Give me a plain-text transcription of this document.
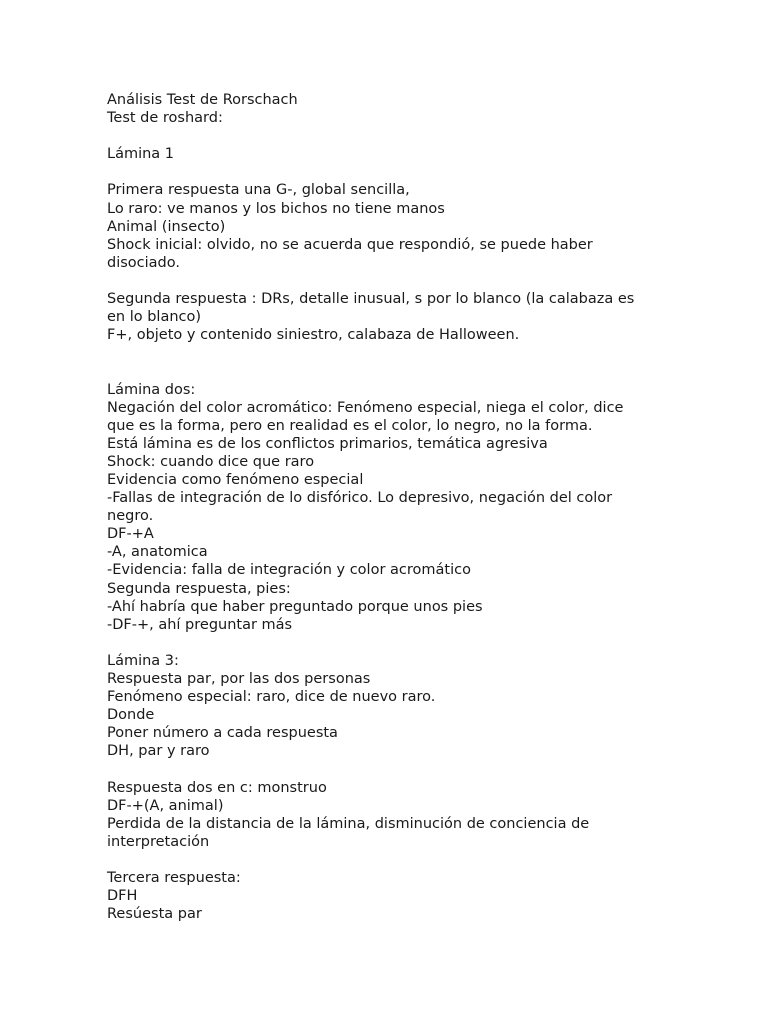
Análisis Test de Rorschach
Test de roshard:
Lámina 1
Primera respuesta una G-, global sencilla,
Lo raro: ve manos y los bichos no tiene manos
Animal (insecto)
Shock inicial: olvido, no se acuerda que respondió, se puede haber
disociado.
Segunda respuesta : DRs, detalle inusual, s por lo blanco (la calabaza es
en lo blanco)
F+, objeto y contenido siniestro, calabaza de Halloween.
Lámina dos:
Negación del color acromático: Fenómeno especial, niega el color, dice
que es la forma, pero en realidad es el color, lo negro, no la forma.
Está lámina es de los conflictos primarios, temática agresiva
Shock: cuando dice que raro
Evidencia como fenómeno especial
-Fallas de integración de lo disfórico. Lo depresivo, negación del color
negro.
DF-+A
-A, anatomica
-Evidencia: falla de integración y color acromático
Segunda respuesta, pies:
-Ahí habría que haber preguntado porque unos pies
-DF-+, ahí preguntar más
Lámina 3:
Respuesta par, por las dos personas
Fenómeno especial: raro, dice de nuevo raro.
Donde
Poner número a cada respuesta
DH, par y raro
Respuesta dos en c: monstruo
DF-+(A, animal)
Perdida de la distancia de la lámina, disminución de conciencia de
interpretación
Tercera respuesta:
DFH
Resúesta par
